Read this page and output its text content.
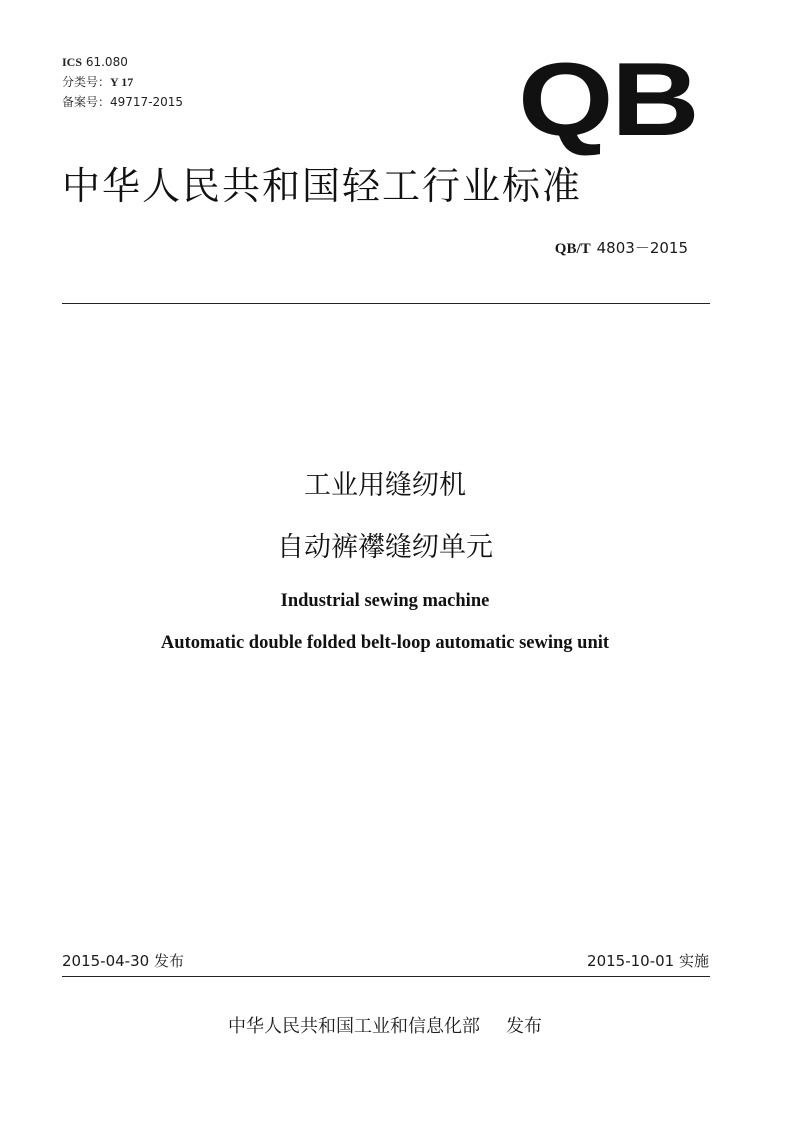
ICS 61.080
分类号：Y 17
备案号：49717-2015	QB
中华人民共和国轻工行业标准
QB/T 4803－2015
工业用缝纫机
自动裤襻缝纫单元
Industrial sewing machine
Automatic double folded belt-loop automatic sewing unit
2015-04-30 发布	2015-10-01 实施
中华人民共和国工业和信息化部 发布
